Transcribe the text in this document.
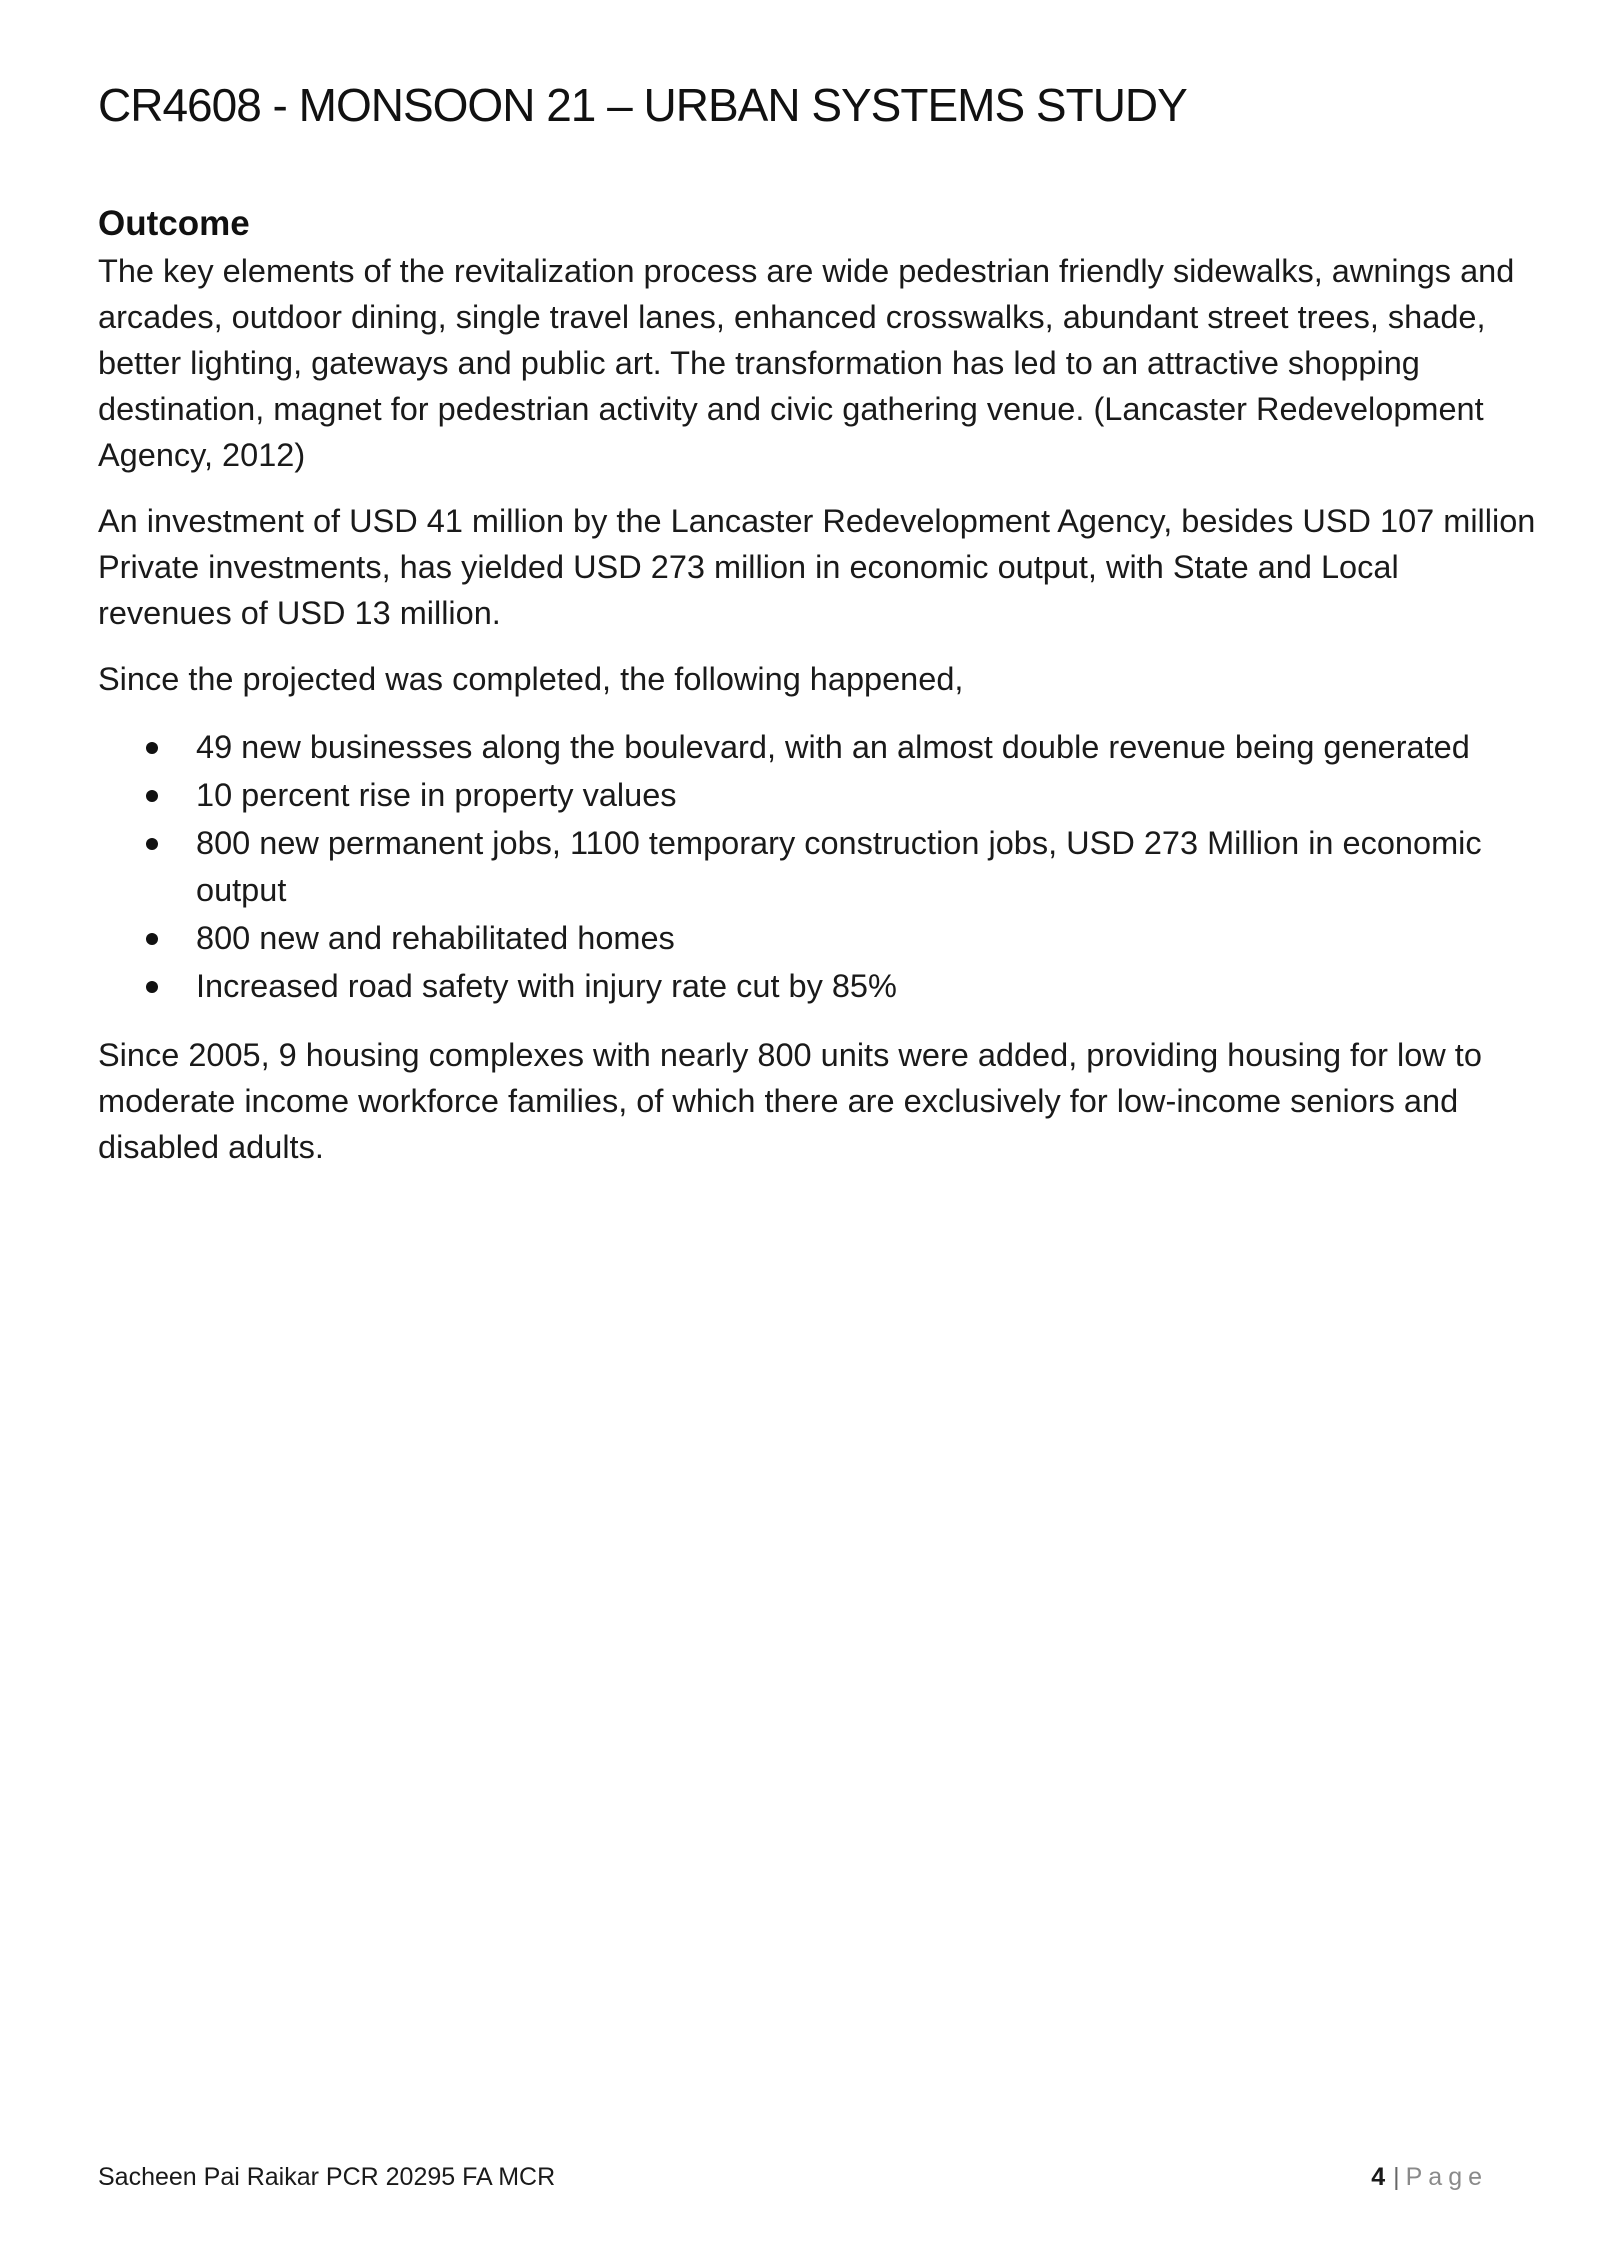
CR4608 - MONSOON 21 – URBAN SYSTEMS STUDY
Outcome

The key elements of the revitalization process are wide pedestrian friendly sidewalks, awnings and arcades, outdoor dining, single travel lanes, enhanced crosswalks, abundant street trees, shade, better lighting, gateways and public art. The transformation has led to an attractive shopping destination, magnet for pedestrian activity and civic gathering venue. (Lancaster Redevelopment Agency, 2012)

An investment of USD 41 million by the Lancaster Redevelopment Agency, besides USD 107 million Private investments, has yielded USD 273 million in economic output, with State and Local revenues of USD 13 million.

Since the projected was completed, the following happened,

49 new businesses along the boulevard, with an almost double revenue being generated
10 percent rise in property values
800 new permanent jobs, 1100 temporary construction jobs, USD 273 Million in economic output
800 new and rehabilitated homes
Increased road safety with injury rate cut by 85%

Since 2005, 9 housing complexes with nearly 800 units were added, providing housing for low to moderate income workforce families, of which there are exclusively for low-income seniors and disabled adults.

Sacheen Pai Raikar PCR 20295 FA MCR	4 | Page
